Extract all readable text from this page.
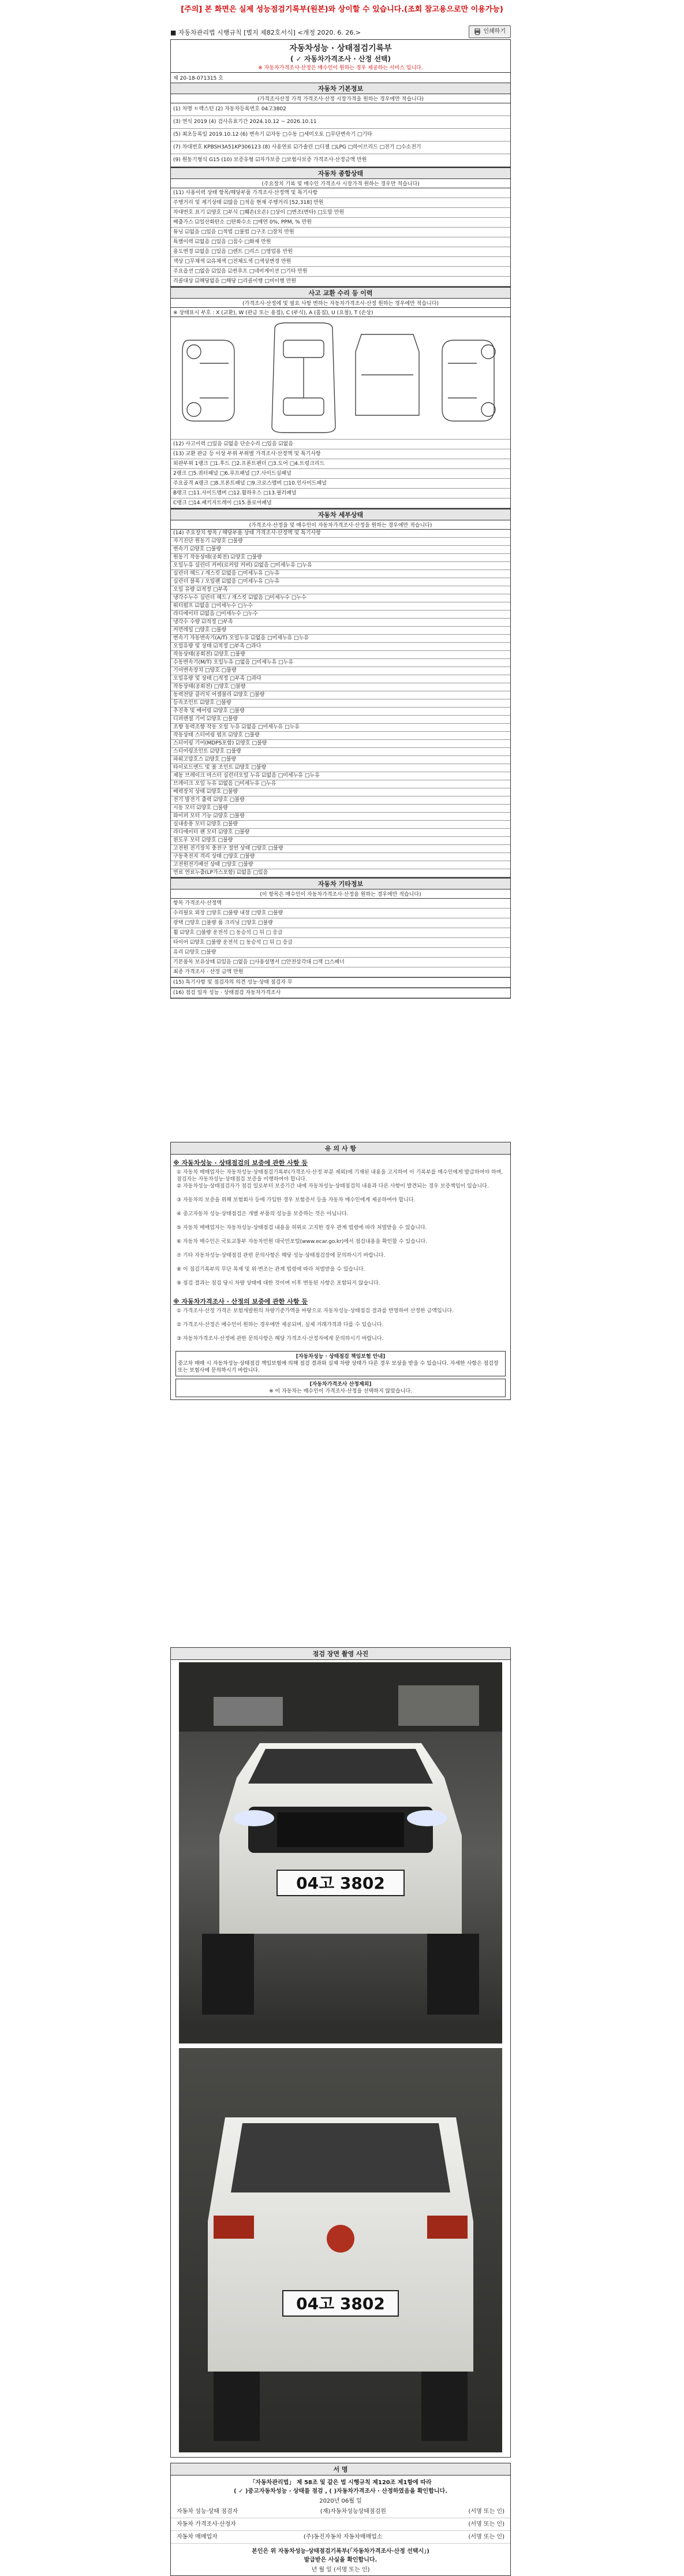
[주의] 본 화면은 실제 성능점검기록부(원본)와 상이할 수 있습니다.(조회 참고용으로만 이용가능)
■ 자동차관리법 시행규칙 [별지 제82호서식] <개정 2020. 6. 26.>	인쇄하기
자동차성능 · 상태점검기록부
( ✓ 자동차가격조사 · 산정 선택)
※ 자동차가격조사·산정은 매수인이 원하는 경우 제공하는 서비스 입니다.
제 20-18-071315 호
자동차 기본정보
(가격조사산정 가격 가격조사·산정 시장가격을 원하는 경우에만 적습니다)
(1) 차명 ㅌ렉스턴 (2) 자동차등록번호 04고3802
(3) 연식 2019 (4) 검사유효기간 2024.10.12 ~ 2026.10.11
(5) 최초등록일 2019.10.12 (6) 변속기 ☑자동 □수동 □세미오토 □무단변속기 □기타
(7) 차대번호 KPBSH3A51KP306123 (8) 사용연료 ☑가솔린 □디젤 □LPG □하이브리드 □전기 □수소전기
(9) 원동기형식 G15 (10) 보증유형 ☑자가보증 □보험사보증 가격조사·산정금액 만원
자동차 종합상태
(주요장치 기록 및 매수인 가격조사 시장가격 원하는 경우만 적습니다)
(11) 사용이력 상태 항목/해당부품 가격조사·산정액 및 특기사항
주행거리 및 계기상태 ☑많음 □적음 현재 주행거리 [52,318] 만원
차대번호 표기 ☑양호 □부식 □훼손(오손) □상이 □변조(변타) □도말 만원
배출가스 ☑일산화탄소 □탄화수소 □매연 0%, PPM, % 만원
튜닝 ☑없음 □있음 □적법 □불법 □구조 □장치 만원
특별이력 ☑없음 □있음 □침수 □화재 만원
용도변경 ☑없음 □있음 □렌트 □리스 □영업용 만원
색상 □무채색 ☑유채색 □전체도색 □색상변경 만원
주요옵션 □없음 ☑있음 ☑썬루프 □네비게이션 □기타 만원
리콜대상 ☑해당없음 □해당 □리콜이행 □미이행 만원
사고 교환 수리 등 이력
(가격조사·산정에 및 필요 사항 변하는 자동차가격조사·산정 원하는 경우에만 적습니다)
※ 상태표시 부호 : X (교환), W (판금 또는 용접), C (부식), A (흠집), U (요철), T (손상)
(12) 사고이력 □있음 ☑없음 단순수리 □있음 ☑없음
(13) 교환 판금 등 이상 부위 부위별 가격조사·산정액 및 특기사항
외판부위 1랭크 □1.후드 □2.프론트펜더 □3.도어 □4.트렁크리드
2랭크 □5.쿼터패널 □6.루프패널 □7.사이드실패널
주요골격 A랭크 □8.프론트패널 □9.크로스멤버 □10.인사이드패널
B랭크 □11.사이드멤버 □12.휠하우스 □13.필러패널
C랭크 □14.패키지트레이 □15.플로어패널
자동차 세부상태
(가격조사·산정을 및 매수인이 자동차가격조사·산정을 원하는 경우에만 적습니다)
(14) 주요장치 항목 / 해당부품 상태 가격조사·산정액 및 특기사항
자기진단 원동기 ☑양호 □불량
변속기 ☑양호 □불량
원동기 작동상태(공회전) ☑양호 □불량
오일누유 실린더 커버(로커암 커버) ☑없음 □미세누유 □누유
실린더 헤드 / 개스킷 ☑없음 □미세누유 □누유
실린더 블록 / 오일팬 ☑없음 □미세누유 □누유
오일 유량 ☑적정 □부족
냉각수누수 실린더 헤드 / 개스킷 ☑없음 □미세누수 □누수
워터펌프 ☑없음 □미세누수 □누수
라디에이터 ☑없음 □미세누수 □누수
냉각수 수량 ☑적정 □부족
커먼레일 □양호 □불량
변속기 자동변속기(A/T) 오일누유 ☑없음 □미세누유 □누유
오일유량 및 상태 ☑적정 □부족 □과다
작동상태(공회전) ☑양호 □불량
수동변속기(M/T) 오일누유 □없음 □미세누유 □누유
기어변속장치 □양호 □불량
오일유량 및 상태 □적정 □부족 □과다
작동상태(공회전) □양호 □불량
동력전달 클러치 어셈블리 ☑양호 □불량
등속조인트 ☑양호 □불량
추진축 및 베어링 ☑양호 □불량
디퍼렌셜 기어 ☑양호 □불량
조향 동력조향 작동 오일 누유 ☑없음 □미세누유 □누유
작동상태 스티어링 펌프 ☑양호 □불량
스티어링 기어(MDPS포함) ☑양호 □불량
스티어링조인트 ☑양호 □불량
파워고압호스 ☑양호 □불량
타이로드엔드 및 볼 조인트 ☑양호 □불량
제동 브레이크 마스터 실린더오일 누유 ☑없음 □미세누유 □누유
브레이크 오일 누유 ☑없음 □미세누유 □누유
배력장치 상태 ☑양호 □불량
전기 발전기 출력 ☑양호 □불량
시동 모터 ☑양호 □불량
와이퍼 모터 기능 ☑양호 □불량
실내송풍 모터 ☑양호 □불량
라디에이터 팬 모터 ☑양호 □불량
윈도우 모터 ☑양호 □불량
고전원 전기장치 충전구 절연 상태 □양호 □불량
구동축전지 격리 상태 □양호 □불량
고전원전기배선 상태 □양호 □불량
연료 연료누출(LP가스포함) ☑없음 □있음
자동차 기타정보
(이 항목은 매수인이 자동차가격조사·산정을 원하는 경우에만 적습니다)
항목 가격조사·산정액
수리필요 외장 □양호 □불량 내장 □양호 □불량
광택 □양호 □불량 룸 크리닝 □양호 □불량
휠 ☑양호 □불량 운전석 □ 동승석 □ 뒤 □ 응급
타이어 ☑양호 □불량 운전석 □ 동승석 □ 뒤 □ 응급
유리 ☑양호 □불량
기본품목 보유상태 ☑있음 □없음 □사용설명서 □안전삼각대 □잭 □스패너
최종 가격조사 · 산정 금액 만원
(15) 특기사항 및 점검자의 의견 성능·상태 점검자 무
(16) 점검 일자 성능 · 상태점검 자동차가격조사
유 의 사 항
※ 자동차성능 · 상태점검의 보증에 관한 사항 등
① 자동차 매매업자는 자동차성능·상태점검기록부(가격조사·산정 부분 제외)에 기재된 내용을 고지하여 이 기록부를 매수인에게 발급하여야 하며, 점검자는 자동차성능·상태점검 보증을 이행하여야 합니다.
② 자동차성능·상태점검자가 점검 일로부터 보증기간 내에 자동차성능·상태점검의 내용과 다른 사항이 발견되는 경우 보증책임이 있습니다.
③ 자동차의 보증을 위해 보험회사 등에 가입한 경우 보험증서 등을 자동차 매수인에게 제공하여야 합니다.
④ 중고자동차 성능·상태점검은 개별 부품의 성능을 보증하는 것은 아닙니다.
⑤ 자동차 매매업자는 자동차성능·상태점검 내용을 허위로 고지한 경우 관계 법령에 따라 처벌받을 수 있습니다.
⑥ 자동차 매수인은 국토교통부 자동차민원 대국민포털(www.ecar.go.kr)에서 점검내용을 확인할 수 있습니다.
⑦ 기타 자동차성능·상태점검 관련 문의사항은 해당 성능·상태점검장에 문의하시기 바랍니다.
⑧ 이 점검기록부의 무단 복제 및 위·변조는 관계 법령에 따라 처벌받을 수 있습니다.
⑨ 점검 결과는 점검 당시 차량 상태에 대한 것이며 이후 변동된 사항은 포함되지 않습니다.
※ 자동차가격조사 · 산정의 보증에 관한 사항 등
① 가격조사·산정 가격은 보험개발원의 차량기준가액을 바탕으로 자동차성능·상태점검 결과를 반영하여 산정한 금액입니다.
② 가격조사·산정은 매수인이 원하는 경우에만 제공되며, 실제 거래가격과 다를 수 있습니다.
③ 자동차가격조사·산정에 관한 문의사항은 해당 가격조사·산정자에게 문의하시기 바랍니다.
[자동차성능 · 상태점검 책임보험 안내]
중고차 매매 시 자동차성능·상태점검 책임보험에 의해 점검 결과와 실제 차량 상태가 다른 경우 보상을 받을 수 있습니다. 자세한 사항은 점검장 또는 보험사에 문의하시기 바랍니다.
[자동차가격조사 산정제외]
※ 이 자동차는 매수인이 가격조사·산정을 선택하지 않았습니다.
점검 장면 촬영 사진
04고 3802
04고 3802
서 명
「자동차관리법」 제 58조 및 같은 법 시행규칙 제120조 제1항에 따라
( ✓ )중고자동차성능 · 상태를 점검 , ( )자동차가격조사 · 산정하였음을 확인합니다.
2020년 06월 일
자동차 성능·상태 점검자	(재)자동차성능상태점검원	(서명 또는 인)
자동차 가격조사·산정자	(서명 또는 인)
자동차 매매업자	(주)동진자동차 자동차매매업소	(서명 또는 인)
본인은 위 자동차성능·상태점검기록부(「자동차가격조사·산정 선택시」)
발급받은 사실을 확인합니다.
년 월 일 (서명 또는 인)
